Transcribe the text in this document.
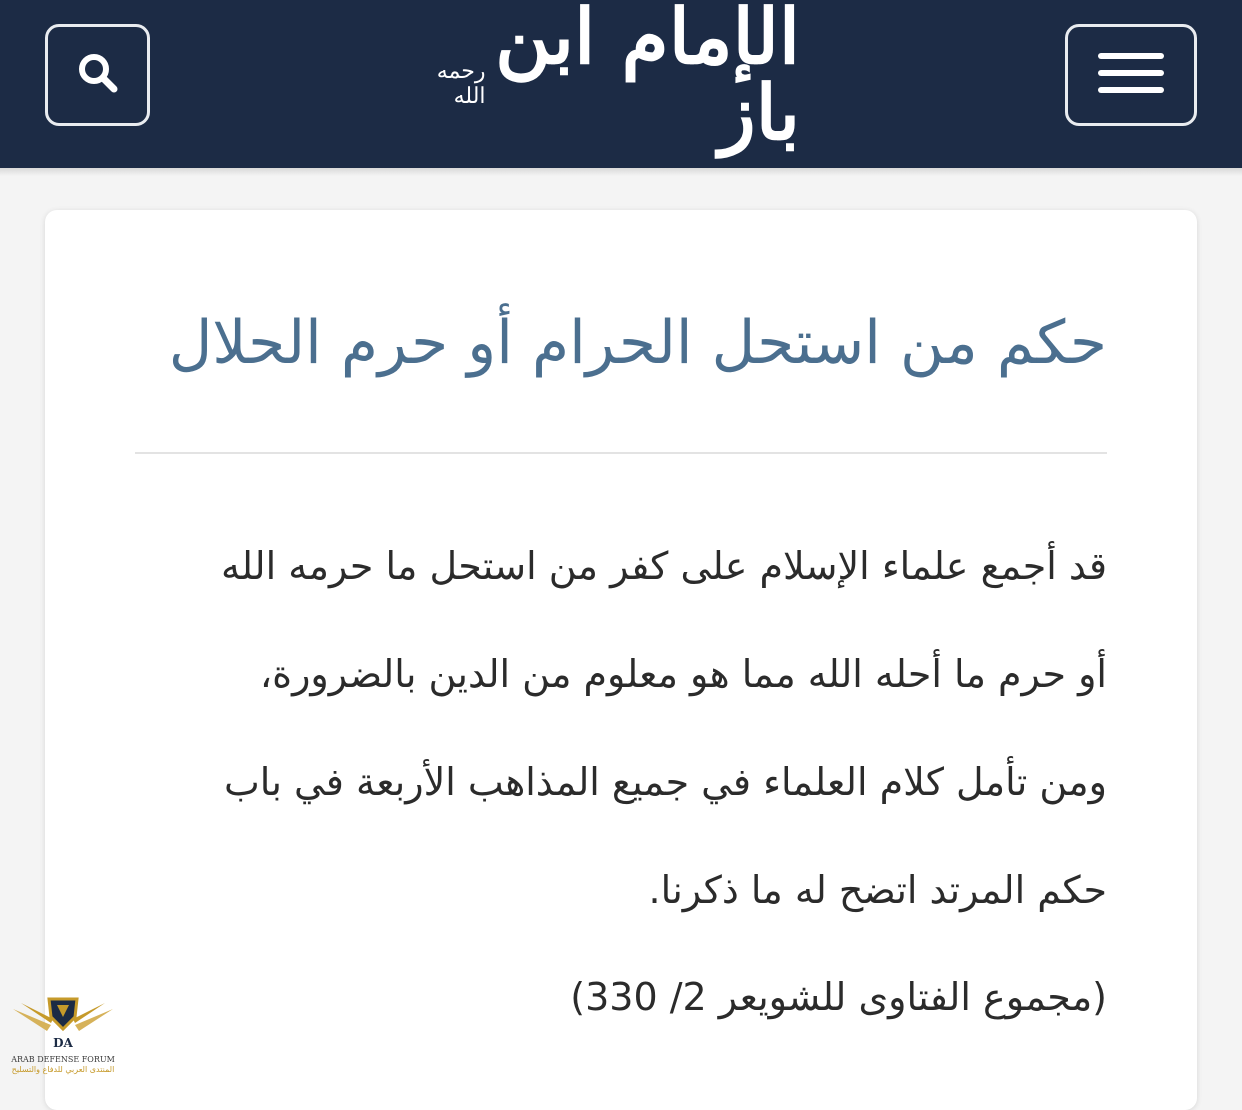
رحمه الله
الإمام ابن باز
حكم من استحل الحرام أو حرم الحلال
قد أجمع علماء الإسلام على كفر من استحل ما حرمه الله
أو حرم ما أحله الله مما هو معلوم من الدين بالضرورة،
ومن تأمل كلام العلماء في جميع المذاهب الأربعة في باب
حكم المرتد اتضح له ما ذكرنا.
(مجموع الفتاوى للشويعر 2/ 330)
DA
ARAB DEFENSE FORUM
المنتدى العربي للدفاع والتسليح
